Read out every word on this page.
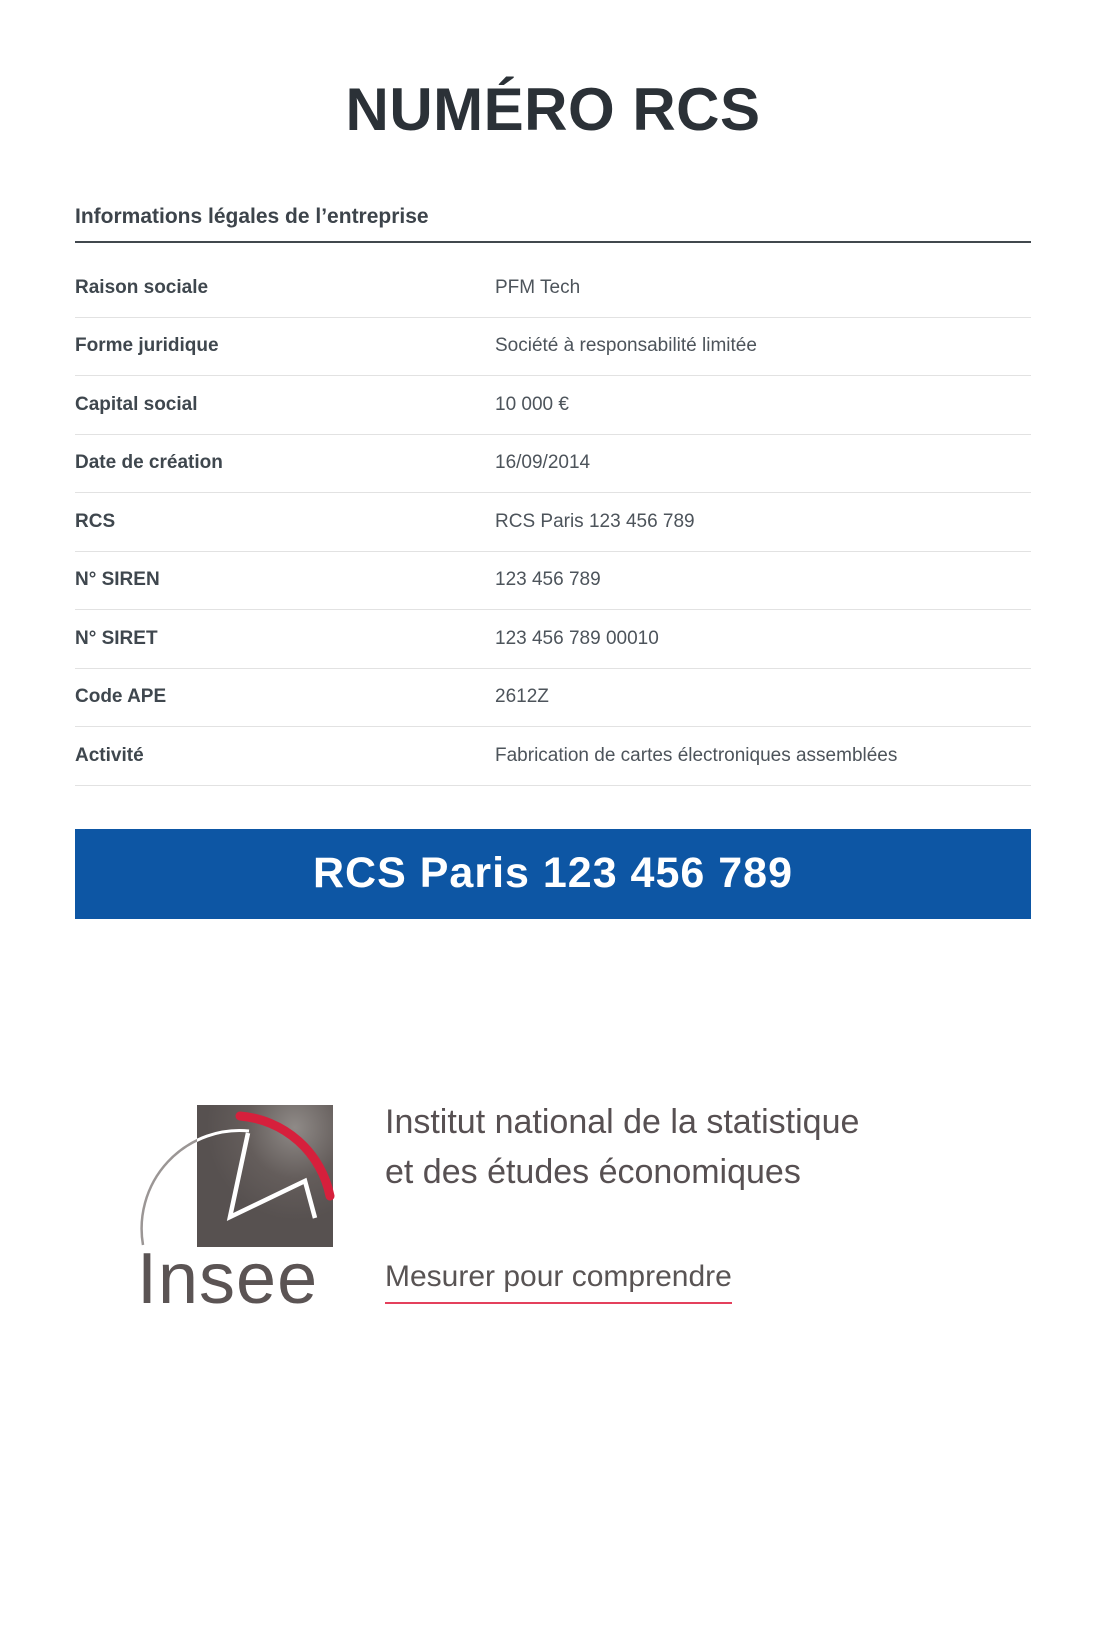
NUMÉRO RCS
Informations légales de l’entreprise
Raison sociale	PFM Tech
Forme juridique	Société à responsabilité limitée
Capital social	10 000 €
Date de création	16/09/2014
RCS	RCS Paris 123 456 789
N° SIREN	123 456 789
N° SIRET	123 456 789 00010
Code APE	2612Z
Activité	Fabrication de cartes électroniques assemblées
RCS Paris 123 456 789
Insee
Institut national de la statistique
et des études économiques
Mesurer pour comprendre
